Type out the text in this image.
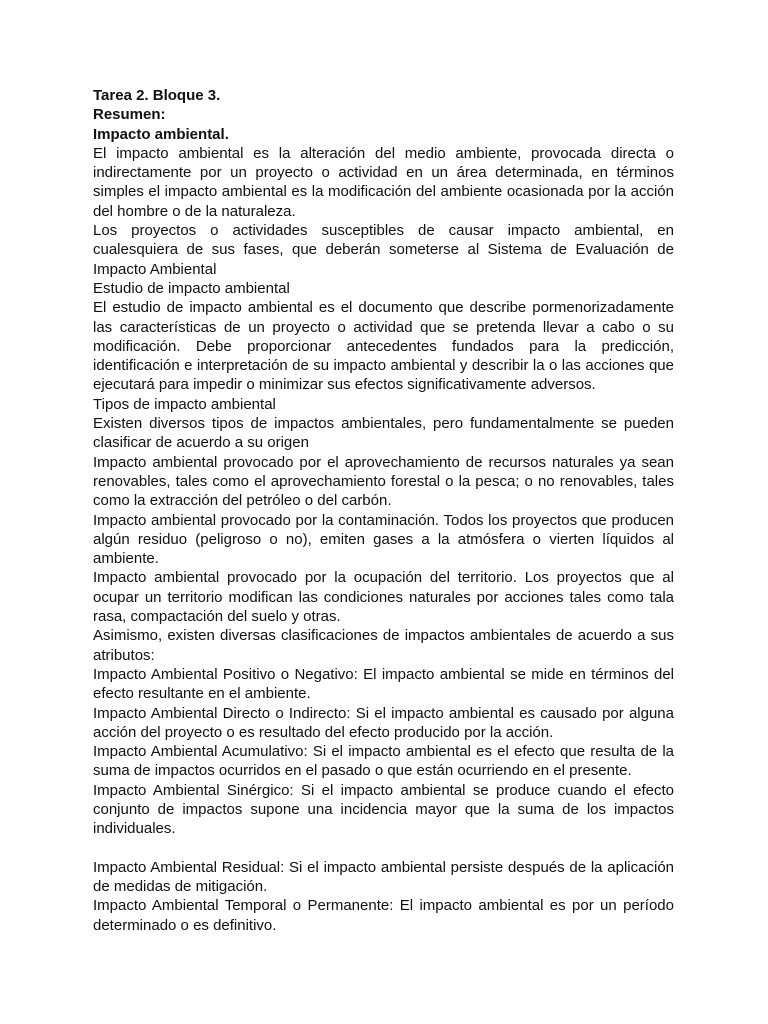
Tarea 2. Bloque 3.

Resumen:

Impacto ambiental.

El impacto ambiental es la alteración del medio ambiente, provocada directa o indirectamente por un proyecto o actividad en un área determinada, en términos simples el impacto ambiental es la modificación del ambiente ocasionada por la acción del hombre o de la naturaleza.

Los proyectos o actividades susceptibles de causar impacto ambiental, en cualesquiera de sus fases, que deberán someterse al Sistema de Evaluación de Impacto Ambiental

Estudio de impacto ambiental

El estudio de impacto ambiental es el documento que describe pormenorizadamente las características de un proyecto o actividad que se pretenda llevar a cabo o su modificación. Debe proporcionar antecedentes fundados para la predicción, identificación e interpretación de su impacto ambiental y describir la o las acciones que ejecutará para impedir o minimizar sus efectos significativamente adversos.

Tipos de impacto ambiental

Existen diversos tipos de impactos ambientales, pero fundamentalmente se pueden clasificar de acuerdo a su origen

Impacto ambiental provocado por el aprovechamiento de recursos naturales ya sean renovables, tales como el aprovechamiento forestal o la pesca; o no renovables, tales como la extracción del petróleo o del carbón.

Impacto ambiental provocado por la contaminación. Todos los proyectos que producen algún residuo (peligroso o no), emiten gases a la atmósfera o vierten líquidos al ambiente.

Impacto ambiental provocado por la ocupación del territorio. Los proyectos que al ocupar un territorio modifican las condiciones naturales por acciones tales como tala rasa, compactación del suelo y otras.

Asimismo, existen diversas clasificaciones de impactos ambientales de acuerdo a sus atributos:

Impacto Ambiental Positivo o Negativo: El impacto ambiental se mide en términos del efecto resultante en el ambiente.

Impacto Ambiental Directo o Indirecto: Si el impacto ambiental es causado por alguna acción del proyecto o es resultado del efecto producido por la acción.

Impacto Ambiental Acumulativo: Si el impacto ambiental es el efecto que resulta de la suma de impactos ocurridos en el pasado o que están ocurriendo en el presente.

Impacto Ambiental Sinérgico: Si el impacto ambiental se produce cuando el efecto conjunto de impactos supone una incidencia mayor que la suma de los impactos individuales.

Impacto Ambiental Residual: Si el impacto ambiental persiste después de la aplicación de medidas de mitigación.

Impacto Ambiental Temporal o Permanente: El impacto ambiental es por un período determinado o es definitivo.
